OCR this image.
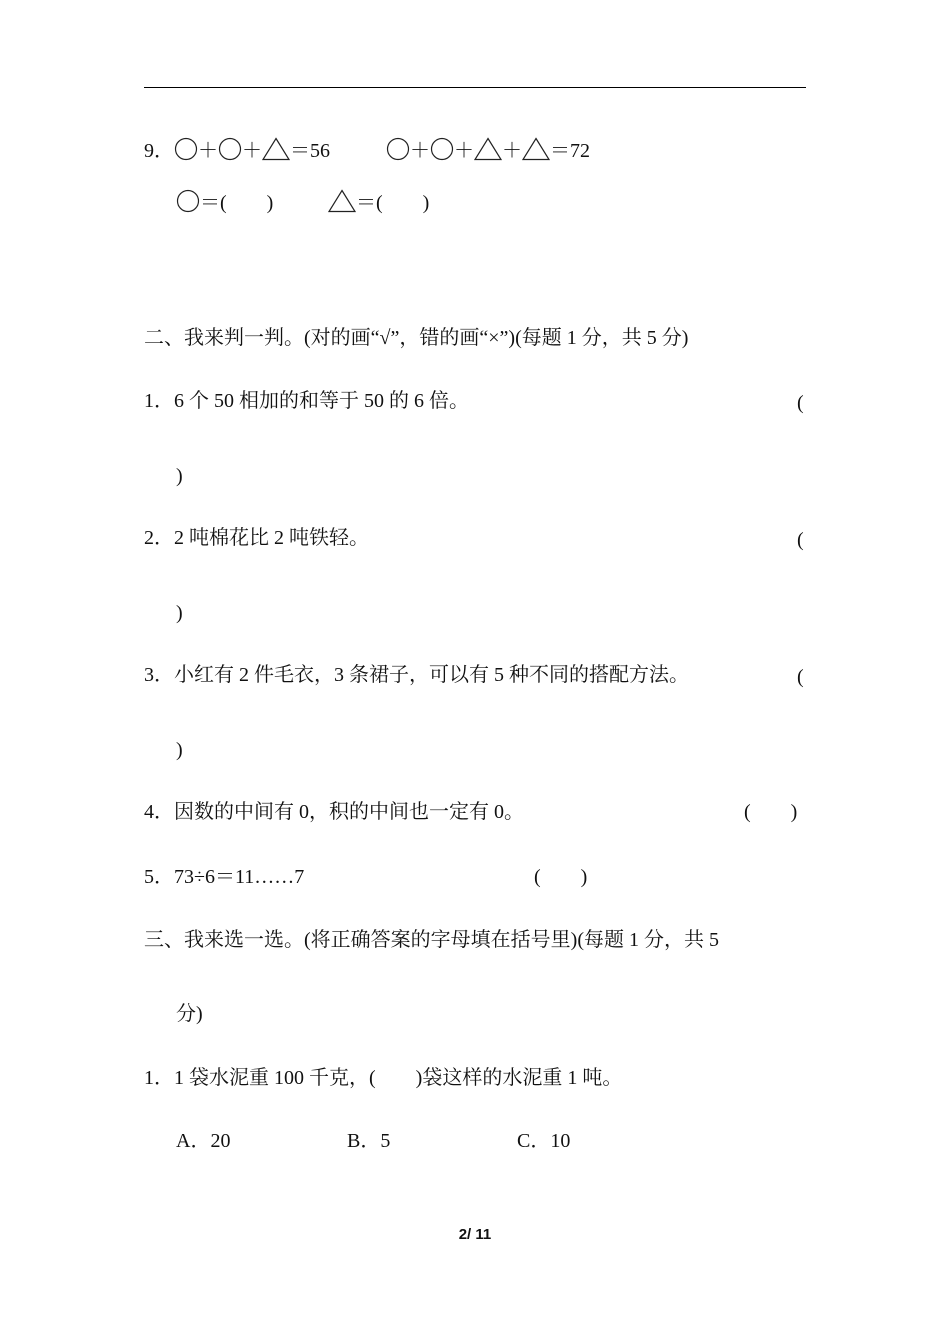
9． ＋ ＋ ＝56	＋ ＋ ＋ ＝72
＝(　　)	＝(　　)
二、我来判一判。(对的画“√”，错的画“×”)(每题 1 分，共 5 分)
1．6 个 50 相加的和等于 50 的 6 倍。	(
)
2．2 吨棉花比 2 吨铁轻。	(
)
3．小红有 2 件毛衣，3 条裙子，可以有 5 种不同的搭配方法。	(
)
4．因数的中间有 0，积的中间也一定有 0。	(　　)
5．73÷6＝11……7	(　　)
三、我来选一选。(将正确答案的字母填在括号里)(每题 1 分，共 5
分)
1．1 袋水泥重 100 千克，(　　)袋这样的水泥重 1 吨。
A．20	B．5	C．10
2/ 11
